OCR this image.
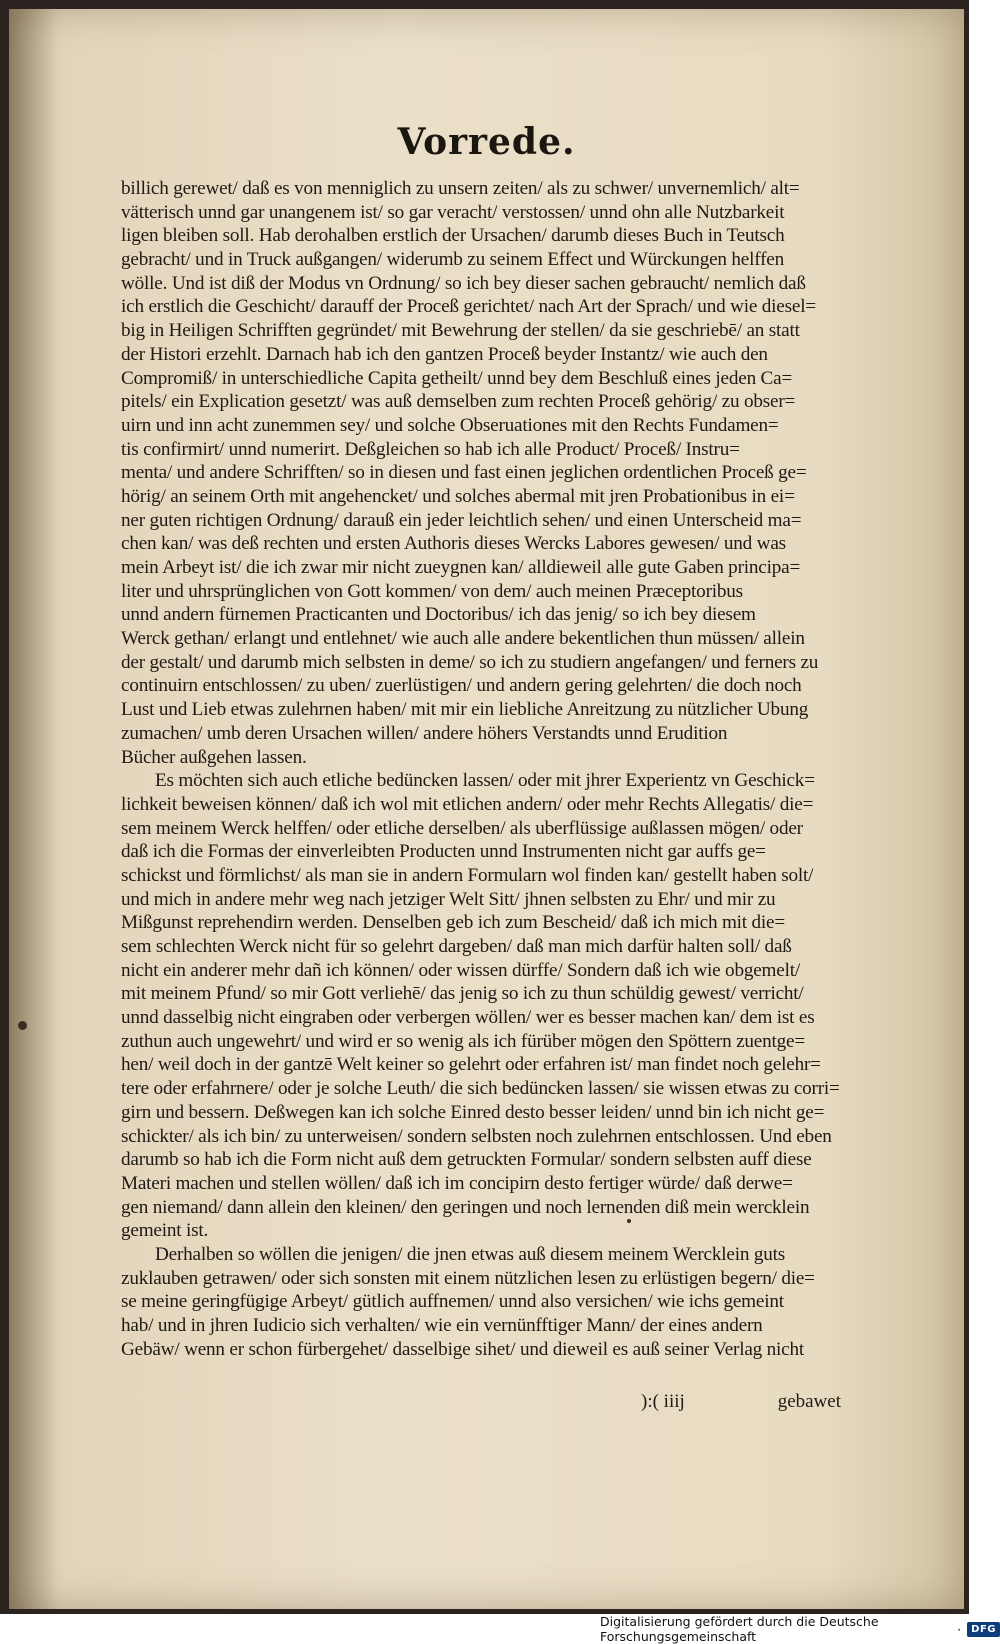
Vorrede.
billich gerewet/ daß es von menniglich zu unsern zeiten/ als zu schwer/ unvernemlich/ alt=
vätterisch unnd gar unangenem ist/ so gar veracht/ verstossen/ unnd ohn alle Nutzbarkeit
ligen bleiben soll. Hab derohalben erstlich der Ursachen/ darumb dieses Buch in Teutsch
gebracht/ und in Truck außgangen/ widerumb zu seinem Effect und Würckungen helffen
wölle. Und ist diß der Modus vn Ordnung/ so ich bey dieser sachen gebraucht/ nemlich daß
ich erstlich die Geschicht/ darauff der Proceß gerichtet/ nach Art der Sprach/ und wie diesel=
big in Heiligen Schrifften gegründet/ mit Bewehrung der stellen/ da sie geschriebē/ an statt
der Histori erzehlt. Darnach hab ich den gantzen Proceß beyder Instantz/ wie auch den
Compromiß/ in unterschiedliche Capita getheilt/ unnd bey dem Beschluß eines jeden Ca=
pitels/ ein Explication gesetzt/ was auß demselben zum rechten Proceß gehörig/ zu obser=
uirn und inn acht zunemmen sey/ und solche Obseruationes mit den Rechts Fundamen=
tis confirmirt/ unnd numerirt. Deßgleichen so hab ich alle Product/ Proceß/ Instru=
menta/ und andere Schrifften/ so in diesen und fast einen jeglichen ordentlichen Proceß ge=
hörig/ an seinem Orth mit angehencket/ und solches abermal mit jren Probationibus in ei=
ner guten richtigen Ordnung/ darauß ein jeder leichtlich sehen/ und einen Unterscheid ma=
chen kan/ was deß rechten und ersten Authoris dieses Wercks Labores gewesen/ und was
mein Arbeyt ist/ die ich zwar mir nicht zueygnen kan/ alldieweil alle gute Gaben principa=
liter und uhrsprünglichen von Gott kommen/ von dem/ auch meinen Præceptoribus
unnd andern fürnemen Practicanten und Doctoribus/ ich das jenig/ so ich bey diesem
Werck gethan/ erlangt und entlehnet/ wie auch alle andere bekentlichen thun müssen/ allein
der gestalt/ und darumb mich selbsten in deme/ so ich zu studiern angefangen/ und ferners zu
continuirn entschlossen/ zu uben/ zuerlüstigen/ und andern gering gelehrten/ die doch noch
Lust und Lieb etwas zulehrnen haben/ mit mir ein liebliche Anreitzung zu nützlicher Ubung
zumachen/ umb deren Ursachen willen/ andere höhers Verstandts unnd Erudition
Bücher außgehen lassen.
Es möchten sich auch etliche bedüncken lassen/ oder mit jhrer Experientz vn Geschick=
lichkeit beweisen können/ daß ich wol mit etlichen andern/ oder mehr Rechts Allegatis/ die=
sem meinem Werck helffen/ oder etliche derselben/ als uberflüssige außlassen mögen/ oder
daß ich die Formas der einverleibten Producten unnd Instrumenten nicht gar auffs ge=
schickst und förmlichst/ als man sie in andern Formularn wol finden kan/ gestellt haben solt/
und mich in andere mehr weg nach jetziger Welt Sitt/ jhnen selbsten zu Ehr/ und mir zu
Mißgunst reprehendirn werden. Denselben geb ich zum Bescheid/ daß ich mich mit die=
sem schlechten Werck nicht für so gelehrt dargeben/ daß man mich darfür halten soll/ daß
nicht ein anderer mehr dañ ich können/ oder wissen dürffe/ Sondern daß ich wie obgemelt/
mit meinem Pfund/ so mir Gott verliehē/ das jenig so ich zu thun schüldig gewest/ verricht/
unnd dasselbig nicht eingraben oder verbergen wöllen/ wer es besser machen kan/ dem ist es
zuthun auch ungewehrt/ und wird er so wenig als ich fürüber mögen den Spöttern zuentge=
hen/ weil doch in der gantzē Welt keiner so gelehrt oder erfahren ist/ man findet noch gelehr=
tere oder erfahrnere/ oder je solche Leuth/ die sich bedüncken lassen/ sie wissen etwas zu corri=
girn und bessern. Deßwegen kan ich solche Einred desto besser leiden/ unnd bin ich nicht ge=
schickter/ als ich bin/ zu unterweisen/ sondern selbsten noch zulehrnen entschlossen. Und eben
darumb so hab ich die Form nicht auß dem getruckten Formular/ sondern selbsten auff diese
Materi machen und stellen wöllen/ daß ich im concipirn desto fertiger würde/ daß derwe=
gen niemand/ dann allein den kleinen/ den geringen und noch lernenden diß mein wercklein
gemeint ist.
Derhalben so wöllen die jenigen/ die jnen etwas auß diesem meinem Wercklein guts
zuklauben getrawen/ oder sich sonsten mit einem nützlichen lesen zu erlüstigen begern/ die=
se meine geringfügige Arbeyt/ gütlich auffnemen/ unnd also versichen/ wie ichs gemeint
hab/ und in jhren Iudicio sich verhalten/ wie ein vernünfftiger Mann/ der eines andern
Gebäw/ wenn er schon fürbergehet/ dasselbige sihet/ und dieweil es auß seiner Verlag nicht
):( iiij	gebawet
Digitalisierung gefördert durch die Deutsche Forschungsgemeinschaft	·	DFG
